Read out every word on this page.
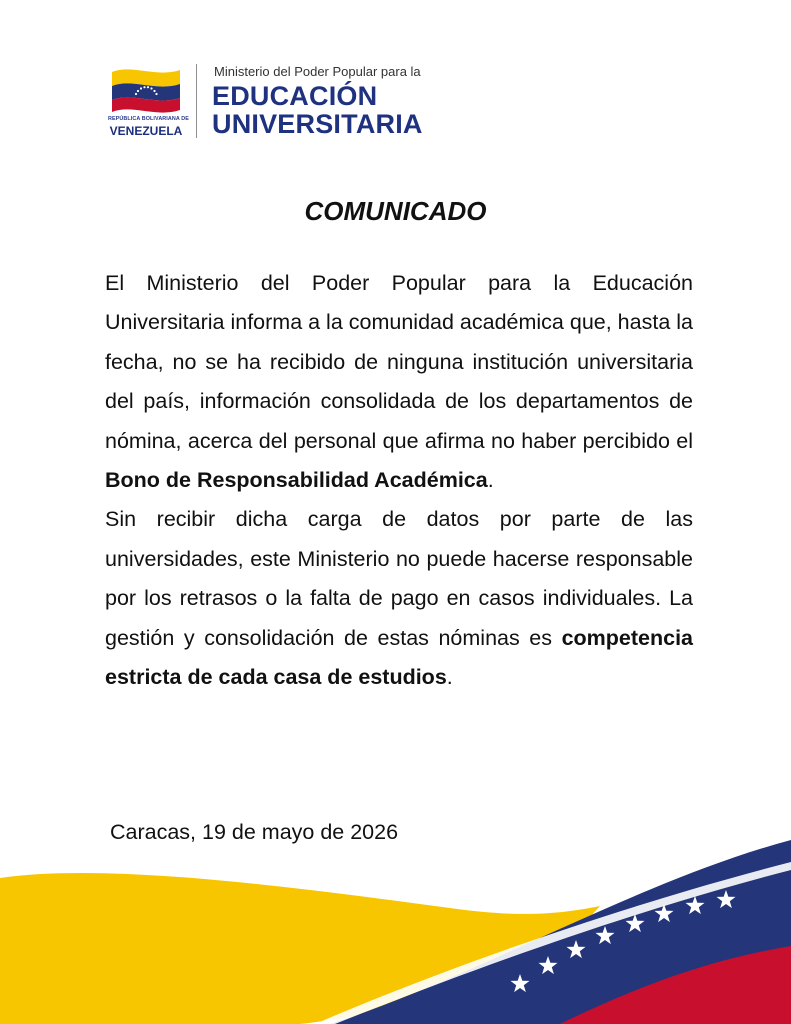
REPÚBLICA BOLIVARIANA DE
VENEZUELA
Ministerio del Poder Popular para la
EDUCACIÓN
UNIVERSITARIA
COMUNICADO

El Ministerio del Poder Popular para la Educación Universitaria informa a la comunidad académica que, hasta la fecha, no se ha recibido de ninguna institución universitaria del país, información consolidada de los departamentos de nómina, acerca del personal que afirma no haber percibido el Bono de Responsabilidad Académica.

Sin recibir dicha carga de datos por parte de las universidades, este Ministerio no puede hacerse responsable por los retrasos o la falta de pago en casos individuales. La gestión y consolidación de estas nóminas es competencia estricta de cada casa de estudios.

Caracas, 19 de mayo de 2026
